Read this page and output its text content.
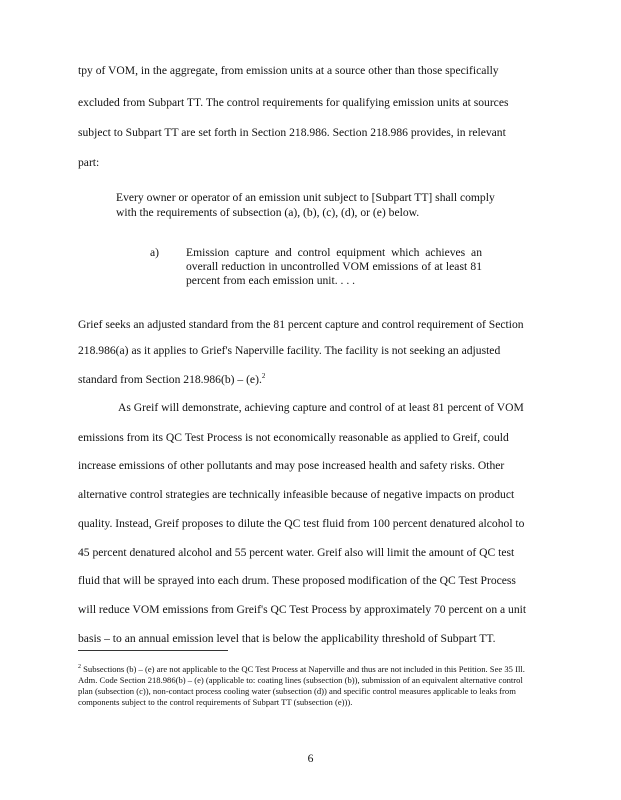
tpy of VOM, in the aggregate, from emission units at a source other than those specifically
excluded from Subpart TT. The control requirements for qualifying emission units at sources
subject to Subpart TT are set forth in Section 218.986. Section 218.986 provides, in relevant
part:
Every owner or operator of an emission unit subject to [Subpart TT] shall comply with the requirements of subsection (a), (b), (c), (d), or (e) below.
a) Emission capture and control equipment which achieves an overall reduction in uncontrolled VOM emissions of at least 81 percent from each emission unit. . . .
Grief seeks an adjusted standard from the 81 percent capture and control requirement of Section
218.986(a) as it applies to Grief's Naperville facility. The facility is not seeking an adjusted
standard from Section 218.986(b) – (e).$^2$
As Greif will demonstrate, achieving capture and control of at least 81 percent of VOM
emissions from its QC Test Process is not economically reasonable as applied to Greif, could
increase emissions of other pollutants and may pose increased health and safety risks. Other
alternative control strategies are technically infeasible because of negative impacts on product
quality. Instead, Greif proposes to dilute the QC test fluid from 100 percent denatured alcohol to
45 percent denatured alcohol and 55 percent water. Greif also will limit the amount of QC test
fluid that will be sprayed into each drum. These proposed modification of the QC Test Process
will reduce VOM emissions from Greif's QC Test Process by approximately 70 percent on a unit
basis – to an annual emission level that is below the applicability threshold of Subpart TT.
$^2$ Subsections (b) – (e) are not applicable to the QC Test Process at Naperville and thus are not included in this Petition. See 35 Ill. Adm. Code Section 218.986(b) – (e) (applicable to: coating lines (subsection (b)), submission of an equivalent alternative control plan (subsection (c)), non-contact process cooling water (subsection (d)) and specific control measures applicable to leaks from components subject to the control requirements of Subpart TT (subsection (e))).
6
